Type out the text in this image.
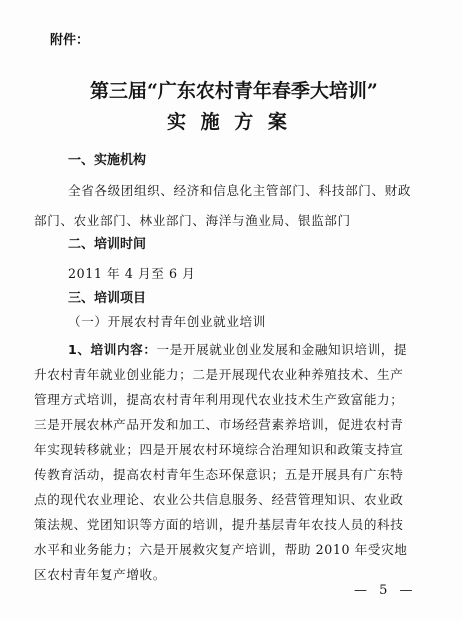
附件：
第三届“广东农村青年春季大培训”
实 施 方 案
一、实施机构
全省各级团组织、经济和信息化主管部门、科技部门、财政
部门、农业部门、林业部门、海洋与渔业局、银监部门
二、培训时间
2011 年 4 月至 6 月
三、培训项目
（一）开展农村青年创业就业培训
1、培训内容：一是开展就业创业发展和金融知识培训，提
升农村青年就业创业能力；二是开展现代农业种养殖技术、生产
管理方式培训，提高农村青年利用现代农业技术生产致富能力；
三是开展农林产品开发和加工、市场经营素养培训，促进农村青
年实现转移就业；四是开展农村环境综合治理知识和政策支持宣
传教育活动，提高农村青年生态环保意识；五是开展具有广东特
点的现代农业理论、农业公共信息服务、经营管理知识、农业政
策法规、党团知识等方面的培训，提升基层青年农技人员的科技
水平和业务能力；六是开展救灾复产培训，帮助 2010 年受灾地
区农村青年复产增收。
— 5 —
